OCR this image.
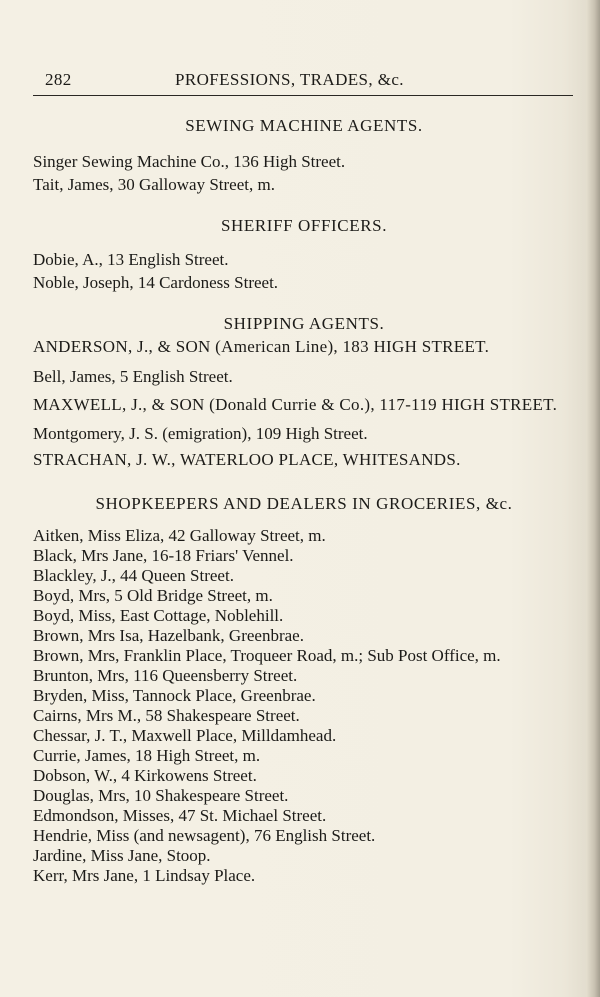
282	PROFESSIONS, TRADES, &c.

SEWING MACHINE AGENTS.

Singer Sewing Machine Co., 136 High Street.

Tait, James, 30 Galloway Street, m.

SHERIFF OFFICERS.

Dobie, A., 13 English Street.

Noble, Joseph, 14 Cardoness Street.

SHIPPING AGENTS.

ANDERSON, J., & SON (American Line), 183 HIGH STREET.

Bell, James, 5 English Street.

MAXWELL, J., & SON (Donald Currie & Co.), 117-119 HIGH STREET.

Montgomery, J. S. (emigration), 109 High Street.

STRACHAN, J. W., WATERLOO PLACE, WHITESANDS.

SHOPKEEPERS AND DEALERS IN GROCERIES, &c.

Aitken, Miss Eliza, 42 Galloway Street, m.

Black, Mrs Jane, 16-18 Friars' Vennel.

Blackley, J., 44 Queen Street.

Boyd, Mrs, 5 Old Bridge Street, m.

Boyd, Miss, East Cottage, Noblehill.

Brown, Mrs Isa, Hazelbank, Greenbrae.

Brown, Mrs, Franklin Place, Troqueer Road, m.; Sub Post Office, m.

Brunton, Mrs, 116 Queensberry Street.

Bryden, Miss, Tannock Place, Greenbrae.

Cairns, Mrs M., 58 Shakespeare Street.

Chessar, J. T., Maxwell Place, Milldamhead.

Currie, James, 18 High Street, m.

Dobson, W., 4 Kirkowens Street.

Douglas, Mrs, 10 Shakespeare Street.

Edmondson, Misses, 47 St. Michael Street.

Hendrie, Miss (and newsagent), 76 English Street.

Jardine, Miss Jane, Stoop.

Kerr, Mrs Jane, 1 Lindsay Place.
